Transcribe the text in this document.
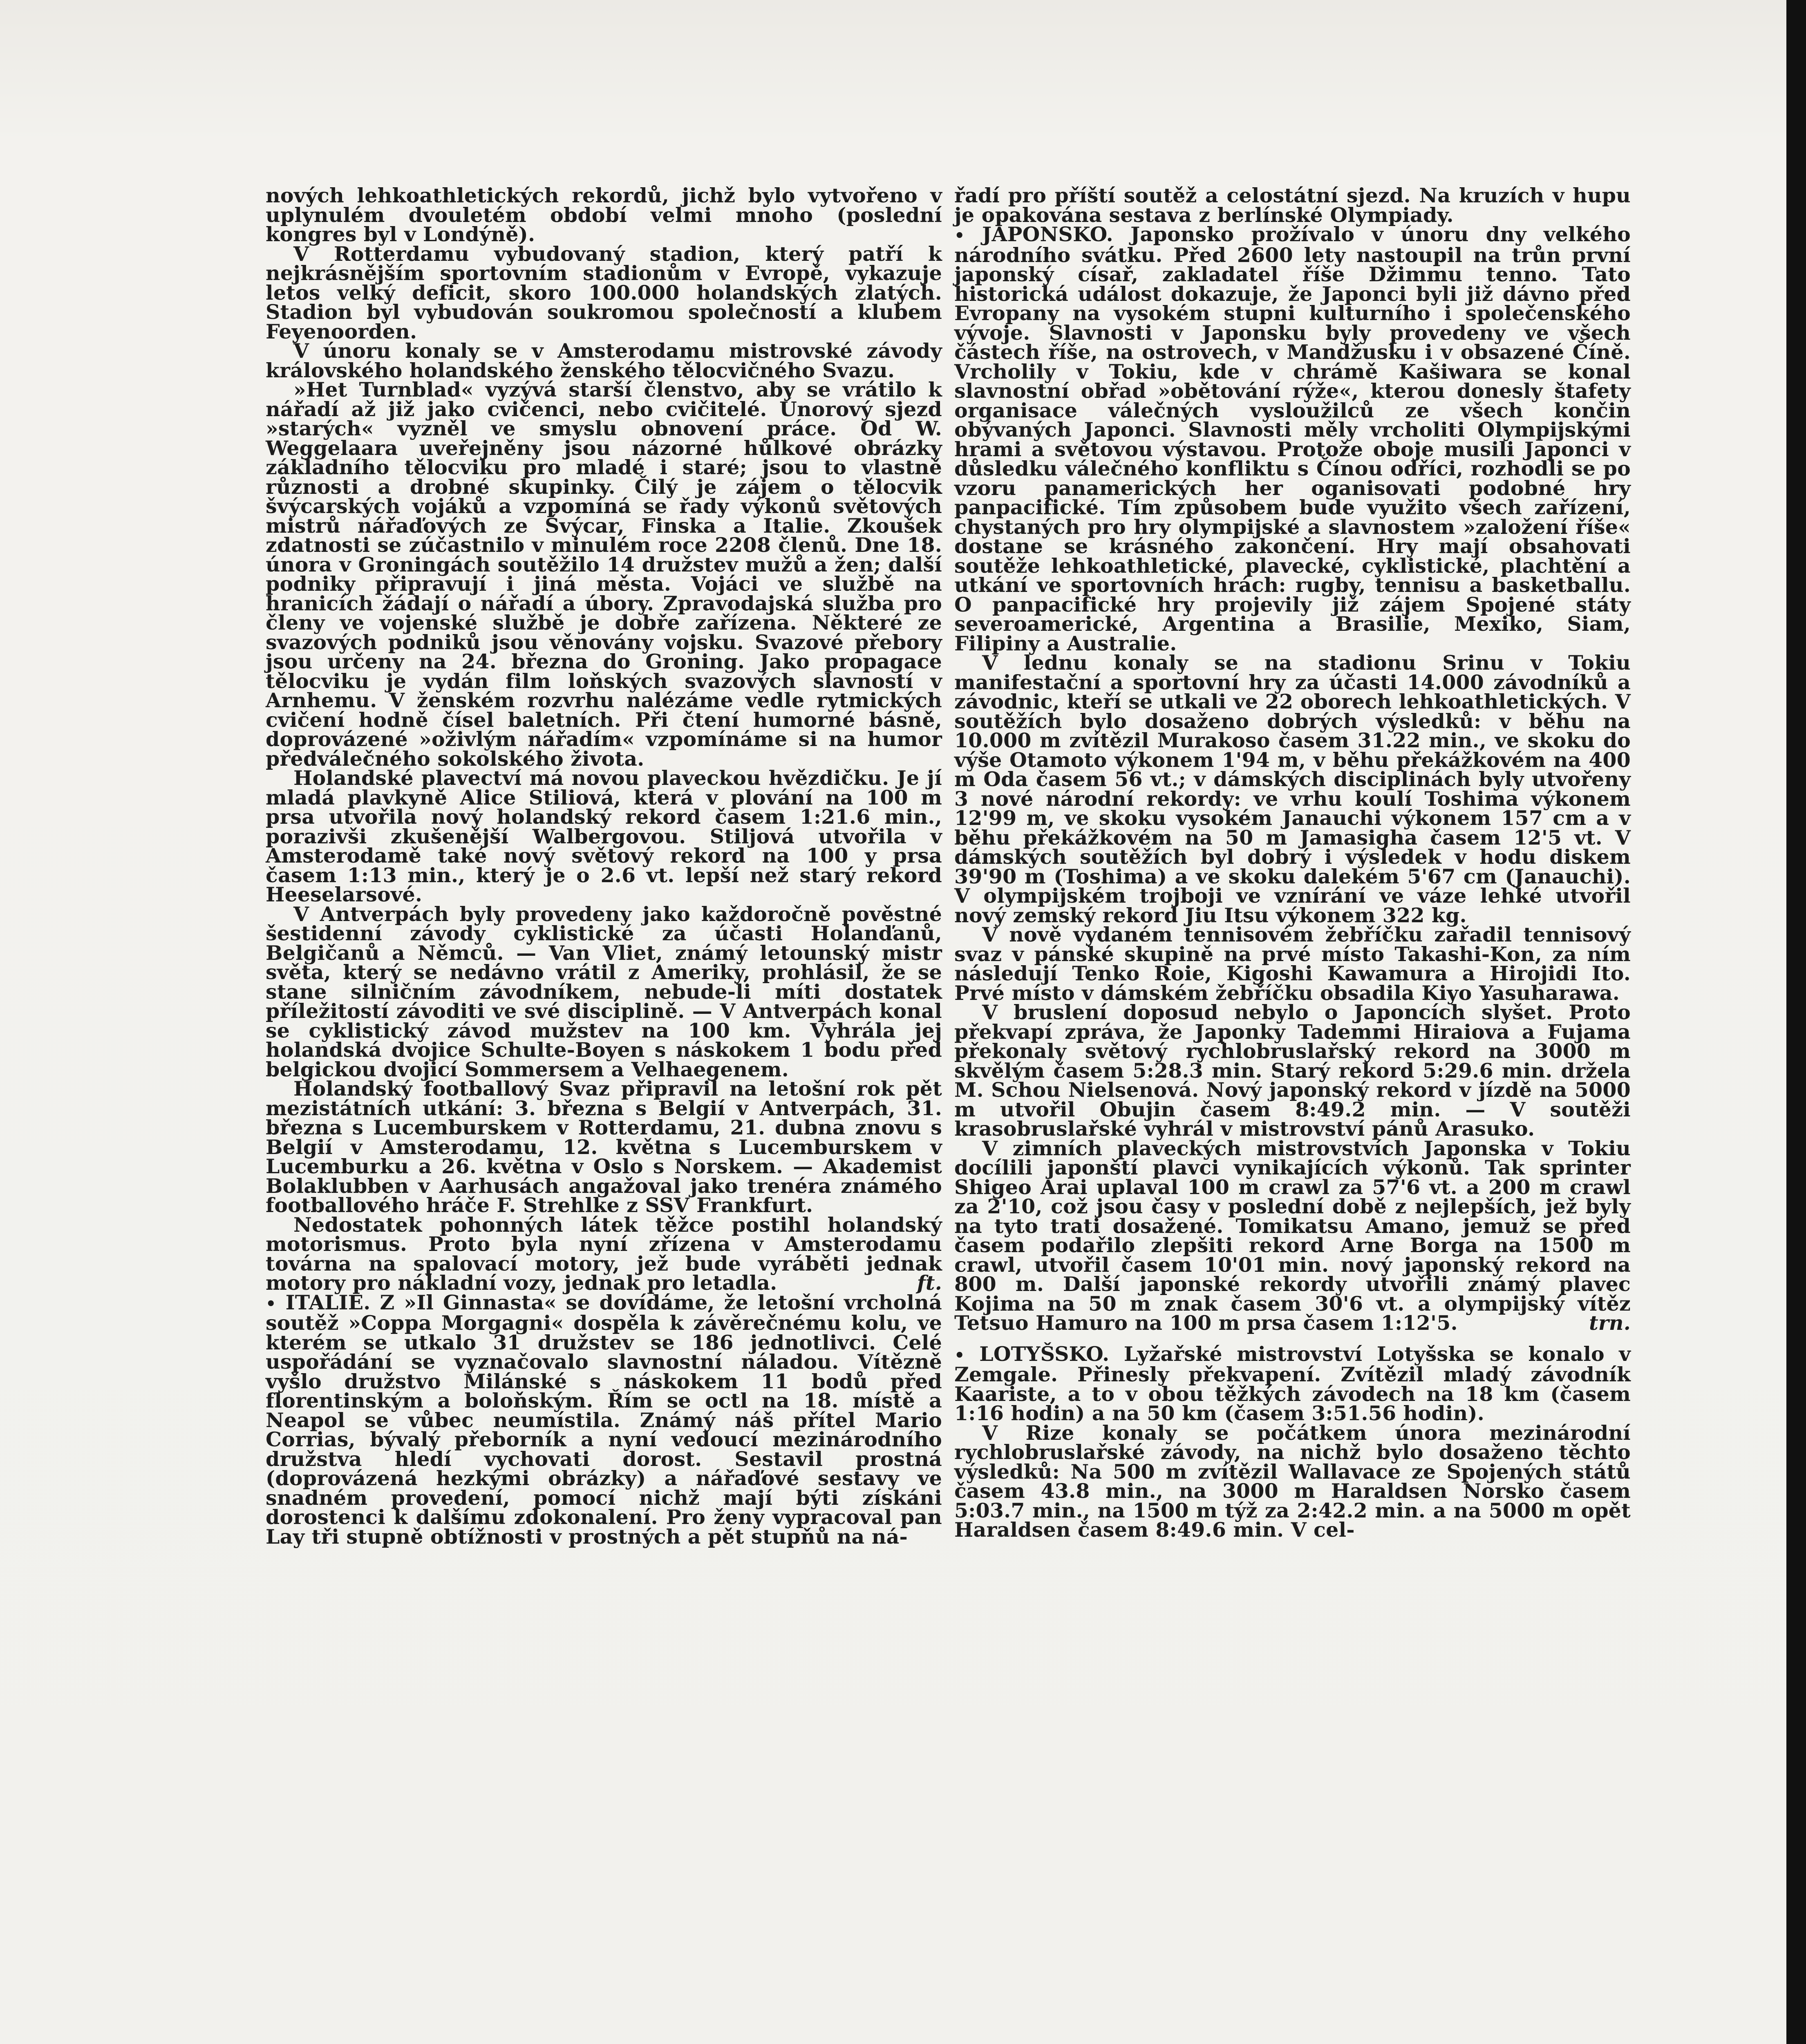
nových lehkoathletických rekordů, jichž bylo vytvořeno v uplynulém dvouletém období velmi mnoho (poslední kongres byl v Londýně).

V Rotterdamu vybudovaný stadion, který patří k nejkrásnějším sportovním stadionům v Evropě, vykazuje letos velký deficit, skoro 100.000 holandských zlatých. Stadion byl vybudován soukromou společností a klubem Feyenoorden.

V únoru konaly se v Amsterodamu mistrovské závody královského holandského ženského tělocvičného Svazu.

»Het Turnblad« vyzývá starší členstvo, aby se vrátilo k nářadí až již jako cvičenci, nebo cvičitelé. Únorový sjezd »starých« vyzněl ve smyslu obnovení práce. Od W. Weggelaara uveřejněny jsou názorné hůlkové obrázky základního tělocviku pro mladé i staré; jsou to vlastně různosti a drobné skupinky. Čilý je zájem o tělocvik švýcarských vojáků a vzpomíná se řady výkonů světových mistrů nářaďových ze Švýcar, Finska a Italie. Zkoušek zdatnosti se zúčastnilo v minulém roce 2208 členů. Dne 18. února v Groningách soutěžilo 14 družstev mužů a žen; další podniky připravují i jiná města. Vojáci ve službě na hranicích žádají o nářadí a úbory. Zpravodajská služba pro členy ve vojenské službě je dobře zařízena. Některé ze svazových podniků jsou věnovány vojsku. Svazové přebory jsou určeny na 24. března do Groning. Jako propagace tělocviku je vydán film loňských svazových slavností v Arnhemu. V ženském rozvrhu nalézáme vedle rytmických cvičení hodně čísel baletních. Při čtení humorné básně, doprovázené »oživlým nářadím« vzpomínáme si na humor předválečného sokolského života.

Holandské plavectví má novou plaveckou hvězdičku. Je jí mladá plavkyně Alice Stiliová, která v plování na 100 m prsa utvořila nový holandský rekord časem 1:21.6 min., porazivši zkušenější Walbergovou. Stiljová utvořila v Amsterodamě také nový světový rekord na 100 y prsa časem 1:13 min., který je o 2.6 vt. lepší než starý rekord Heeselarsové.

V Antverpách byly provedeny jako každoročně pověstné šestidenní závody cyklistické za účasti Holanďanů, Belgičanů a Němců. — Van Vliet, známý letounský mistr světa, který se nedávno vrátil z Ameriky, prohlásil, že se stane silničním závodníkem, nebude-li míti dostatek příležitostí závoditi ve své disciplině. — V Antverpách konal se cyklistický závod mužstev na 100 km. Vyhrála jej holandská dvojice Schulte-Boyen s náskokem 1 bodu před belgickou dvojicí Sommersem a Velhaegenem.

Holandský footballový Svaz připravil na letošní rok pět mezistátních utkání: 3. března s Belgií v Antverpách, 31. března s Lucemburskem v Rotterdamu, 21. dubna znovu s Belgií v Amsterodamu, 12. května s Lucemburskem v Lucemburku a 26. května v Oslo s Norskem. — Akademist Bolaklubben v Aarhusách angažoval jako trenéra známého footballového hráče F. Strehlke z SSV Frankfurt.

Nedostatek pohonných látek těžce postihl holandský motorismus. Proto byla nyní zřízena v Amsterodamu továrna na spalovací motory, jež bude vyráběti jednak motory pro nákladní vozy, jednak pro letadla.	ft.

• ITALIE. Z »Il Ginnasta« se dovídáme, že letošní vrcholná soutěž »Coppa Morgagni« dospěla k závěrečnému kolu, ve kterém se utkalo 31 družstev se 186 jednotlivci. Celé uspořádání se vyznačovalo slavnostní náladou. Vítězně vyšlo družstvo Milánské s náskokem 11 bodů před florentinským a boloňským. Řím se octl na 18. místě a Neapol se vůbec neumístila. Známý náš přítel Mario Corrias, bývalý přeborník a nyní vedoucí mezinárodního družstva hledí vychovati dorost. Sestavil prostná (doprovázená hezkými obrázky) a nářaďové sestavy ve snadném provedení, pomocí nichž mají býti získáni dorostenci k dalšímu zdokonalení. Pro ženy vypracoval pan Lay tři stupně obtížnosti v prostných a pět stupňů na ná-

řadí pro příští soutěž a celostátní sjezd. Na kruzích v hupu je opakována sestava z berlínské Olympiady.

• JAPONSKO. Japonsko prožívalo v únoru dny velkého národního svátku. Před 2600 lety nastoupil na trůn první japonský císař, zakladatel říše Džimmu tenno. Tato historická událost dokazuje, že Japonci byli již dávno před Evropany na vysokém stupni kulturního i společenského vývoje. Slavnosti v Japonsku byly provedeny ve všech částech říše, na ostrovech, v Mandžusku i v obsazené Číně. Vrcholily v Tokiu, kde v chrámě Kašiwara se konal slavnostní obřad »obětování rýže«, kterou donesly štafety organisace válečných vysloužilců ze všech končin obývaných Japonci. Slavnosti měly vrcholiti Olympijskými hrami a světovou výstavou. Protože oboje musili Japonci v důsledku válečného konfliktu s Čínou odříci, rozhodli se po vzoru panamerických her oganisovati podobné hry panpacifické. Tím způsobem bude využito všech zařízení, chystaných pro hry olympijské a slavnostem »založení říše« dostane se krásného zakončení. Hry mají obsahovati soutěže lehkoathletické, plavecké, cyklistické, plachtění a utkání ve sportovních hrách: rugby, tennisu a basketballu. O panpacifické hry projevily již zájem Spojené státy severoamerické, Argentina a Brasilie, Mexiko, Siam, Filipiny a Australie.

V lednu konaly se na stadionu Srinu v Tokiu manifestační a sportovní hry za účasti 14.000 závodníků a závodnic, kteří se utkali ve 22 oborech lehkoathletických. V soutěžích bylo dosaženo dobrých výsledků: v běhu na 10.000 m zvítězil Murakoso časem 31.22 min., ve skoku do výše Otamoto výkonem 1'94 m, v běhu překážkovém na 400 m Oda časem 56 vt.; v dámských disciplinách byly utvořeny 3 nové národní rekordy: ve vrhu koulí Toshima výkonem 12'99 m, ve skoku vysokém Janauchi výkonem 157 cm a v běhu překážkovém na 50 m Jamasigha časem 12'5 vt. V dámských soutěžích byl dobrý i výsledek v hodu diskem 39'90 m (Toshima) a ve skoku dalekém 5'67 cm (Janauchi). V olympijském trojboji ve vznírání ve váze lehké utvořil nový zemský rekord Jiu Itsu výkonem 322 kg.

V nově vydaném tennisovém žebříčku zařadil tennisový svaz v pánské skupině na prvé místo Takashi-Kon, za ním následují Tenko Roie, Kigoshi Kawamura a Hirojidi Ito. Prvé místo v dámském žebříčku obsadila Kiyo Yasuharawa.

V bruslení doposud nebylo o Japoncích slyšet. Proto překvapí zpráva, že Japonky Tademmi Hiraiova a Fujama překonaly světový rychlobruslařský rekord na 3000 m skvělým časem 5:28.3 min. Starý rekord 5:29.6 min. držela M. Schou Nielsenová. Nový japonský rekord v jízdě na 5000 m utvořil Obujin časem 8:49.2 min. — V soutěži krasobruslařské vyhrál v mistrovství pánů Arasuko.

V zimních plaveckých mistrovstvích Japonska v Tokiu docílili japonští plavci vynikajících výkonů. Tak sprinter Shigeo Arai uplaval 100 m crawl za 57'6 vt. a 200 m crawl za 2'10, což jsou časy v poslední době z nejlepších, jež byly na tyto trati dosažené. Tomikatsu Amano, jemuž se před časem podařilo zlepšiti rekord Arne Borga na 1500 m crawl, utvořil časem 10'01 min. nový japonský rekord na 800 m. Další japonské rekordy utvořili známý plavec Kojima na 50 m znak časem 30'6 vt. a olympijský vítěz Tetsuo Hamuro na 100 m prsa časem 1:12'5.	trn.

• LOTYŠSKO. Lyžařské mistrovství Lotyšska se konalo v Zemgale. Přinesly překvapení. Zvítězil mladý závodník Kaariste, a to v obou těžkých závodech na 18 km (časem 1:16 hodin) a na 50 km (časem 3:51.56 hodin).

V Rize konaly se počátkem února mezinárodní rychlobruslařské závody, na nichž bylo dosaženo těchto výsledků: Na 500 m zvítězil Wallavace ze Spojených států časem 43.8 min., na 3000 m Haraldsen Norsko časem 5:03.7 min., na 1500 m týž za 2:42.2 min. a na 5000 m opět Haraldsen časem 8:49.6 min. V cel-
